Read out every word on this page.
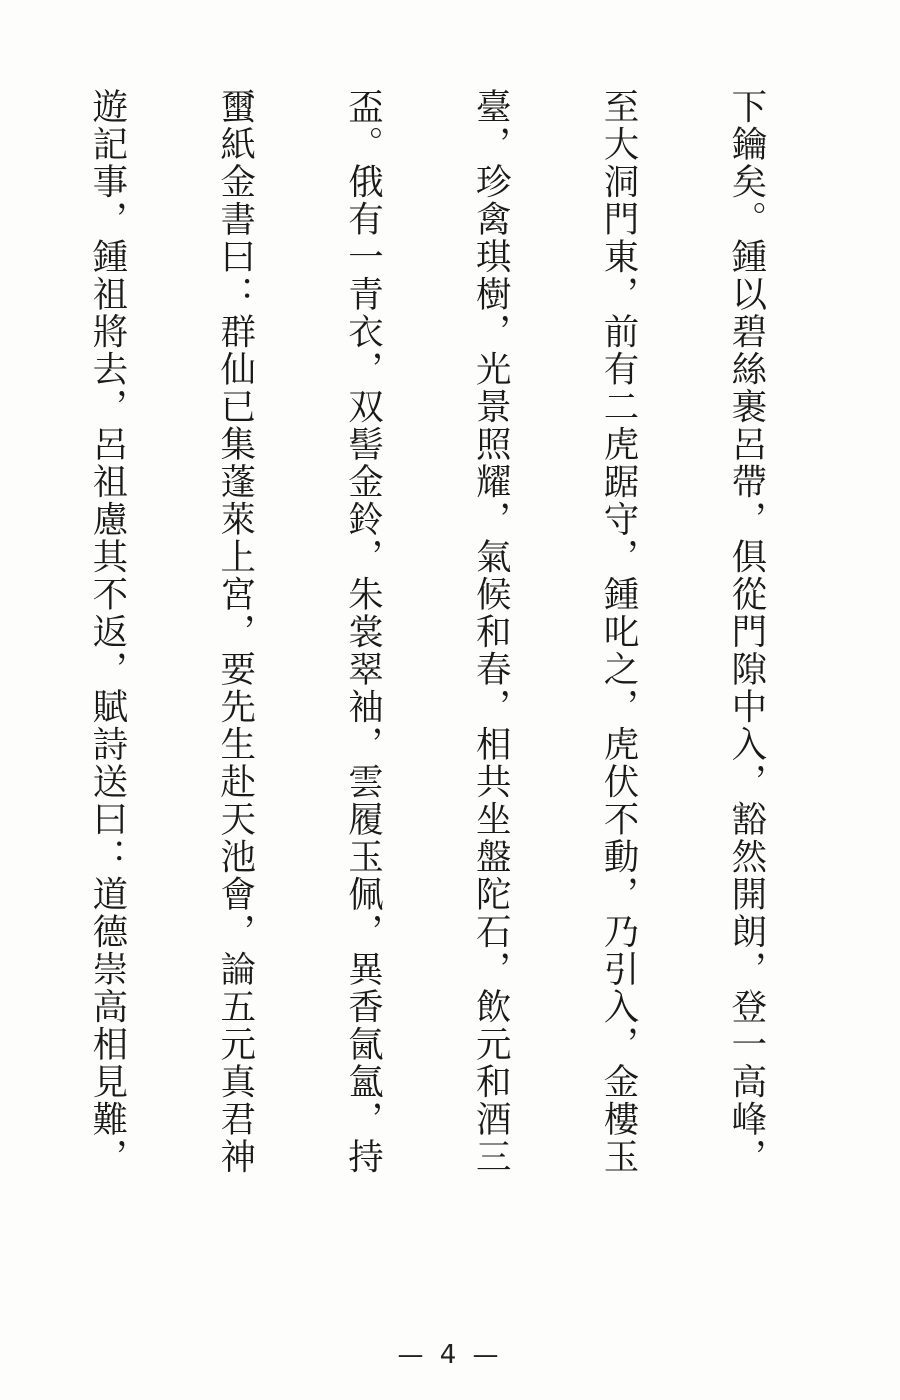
下鑰矣。鍾以碧絲裹呂帶，俱從門隙中入，豁然開朗，登一高峰，

至大洞門東，前有二虎踞守，鍾叱之，虎伏不動，乃引入，金樓玉

臺，珍禽琪樹，光景照耀，氣候和春，相共坐盤陀石，飲元和酒三

盃。俄有一青衣，双髻金鈴，朱裳翠袖，雲履玉佩，異香氤氳，持

蠒紙金書曰：群仙已集蓬萊上宮，要先生赴天池會，論五元真君神

遊記事，鍾祖將去，呂祖慮其不返，賦詩送曰：道德崇高相見難，

— 4 —
